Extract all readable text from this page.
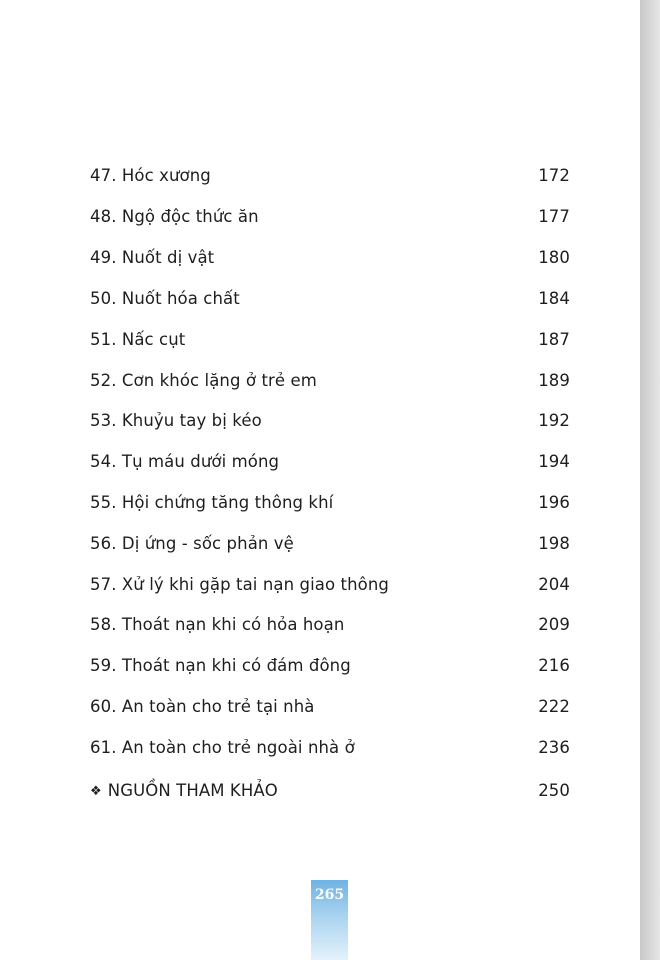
47. Hóc xương	172
48. Ngộ độc thức ăn	177
49. Nuốt dị vật	180
50. Nuốt hóa chất	184
51. Nấc cụt	187
52. Cơn khóc lặng ở trẻ em	189
53. Khuỷu tay bị kéo	192
54. Tụ máu dưới móng	194
55. Hội chứng tăng thông khí	196
56. Dị ứng - sốc phản vệ	198
57. Xử lý khi gặp tai nạn giao thông	204
58. Thoát nạn khi có hỏa hoạn	209
59. Thoát nạn khi có đám đông	216
60. An toàn cho trẻ tại nhà	222
61. An toàn cho trẻ ngoài nhà ở	236
❖ NGUỒN THAM KHẢO	250
265
